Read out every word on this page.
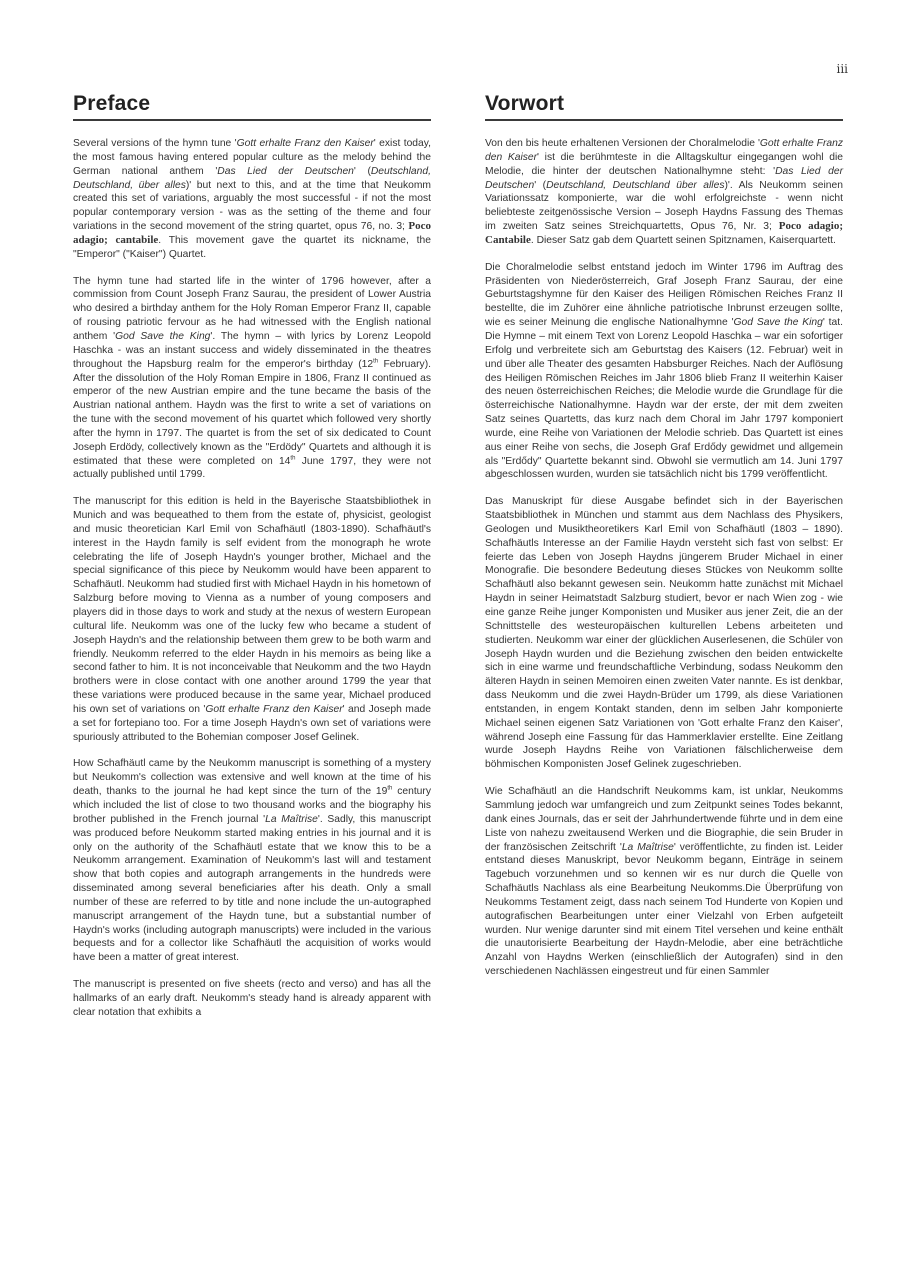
iii
Preface

Several versions of the hymn tune 'Gott erhalte Franz den Kaiser' exist today, the most famous having entered popular culture as the melody behind the German national anthem 'Das Lied der Deutschen' (Deutschland, Deutschland, über alles)' but next to this, and at the time that Neukomm created this set of variations, arguably the most successful - if not the most popular contemporary version - was as the setting of the theme and four variations in the second movement of the string quartet, opus 76, no. 3; Poco adagio; cantabile. This movement gave the quartet its nickname, the "Emperor" ("Kaiser") Quartet.

The hymn tune had started life in the winter of 1796 however, after a commission from Count Joseph Franz Saurau, the president of Lower Austria who desired a birthday anthem for the Holy Roman Emperor Franz II, capable of rousing patriotic fervour as he had witnessed with the English national anthem 'God Save the King'. The hymn – with lyrics by Lorenz Leopold Haschka - was an instant success and widely disseminated in the theatres throughout the Hapsburg realm for the emperor's birthday (12th February). After the dissolution of the Holy Roman Empire in 1806, Franz II continued as emperor of the new Austrian empire and the tune became the basis of the Austrian national anthem. Haydn was the first to write a set of variations on the tune with the second movement of his quartet which followed very shortly after the hymn in 1797. The quartet is from the set of six dedicated to Count Joseph Erdödy, collectively known as the "Erdödy" Quartets and although it is estimated that these were completed on 14th June 1797, they were not actually published until 1799.

The manuscript for this edition is held in the Bayerische Staatsbibliothek in Munich and was bequeathed to them from the estate of, physicist, geologist and music theoretician Karl Emil von Schafhäutl (1803-1890). Schafhäutl's interest in the Haydn family is self evident from the monograph he wrote celebrating the life of Joseph Haydn's younger brother, Michael and the special significance of this piece by Neukomm would have been apparent to Schafhäutl. Neukomm had studied first with Michael Haydn in his hometown of Salzburg before moving to Vienna as a number of young composers and players did in those days to work and study at the nexus of western European cultural life. Neukomm was one of the lucky few who became a student of Joseph Haydn's and the relationship between them grew to be both warm and friendly. Neukomm referred to the elder Haydn in his memoirs as being like a second father to him. It is not inconceivable that Neukomm and the two Haydn brothers were in close contact with one another around 1799 the year that these variations were produced because in the same year, Michael produced his own set of variations on 'Gott erhalte Franz den Kaiser' and Joseph made a set for fortepiano too. For a time Joseph Haydn's own set of variations were spuriously attributed to the Bohemian composer Josef Gelinek.

How Schafhäutl came by the Neukomm manuscript is something of a mystery but Neukomm's collection was extensive and well known at the time of his death, thanks to the journal he had kept since the turn of the 19th century which included the list of close to two thousand works and the biography his brother published in the French journal 'La Maîtrise'. Sadly, this manuscript was produced before Neukomm started making entries in his journal and it is only on the authority of the Schafhäutl estate that we know this to be a Neukomm arrangement. Examination of Neukomm's last will and testament show that both copies and autograph arrangements in the hundreds were disseminated among several beneficiaries after his death. Only a small number of these are referred to by title and none include the un-autographed manuscript arrangement of the Haydn tune, but a substantial number of Haydn's works (including autograph manuscripts) were included in the various bequests and for a collector like Schafhäutl the acquisition of works would have been a matter of great interest.

The manuscript is presented on five sheets (recto and verso) and has all the hallmarks of an early draft. Neukomm's steady hand is already apparent with clear notation that exhibits a

Vorwort

Von den bis heute erhaltenen Versionen der Choralmelodie 'Gott erhalte Franz den Kaiser' ist die berühmteste in die Alltagskultur eingegangen wohl die Melodie, die hinter der deutschen Nationalhymne steht: 'Das Lied der Deutschen' (Deutschland, Deutschland über alles)'. Als Neukomm seinen Variationssatz komponierte, war die wohl erfolgreichste - wenn nicht beliebteste zeitgenössische Version – Joseph Haydns Fassung des Themas im zweiten Satz seines Streichquartetts, Opus 76, Nr. 3; Poco adagio; Cantabile. Dieser Satz gab dem Quartett seinen Spitznamen, Kaiserquartett.

Die Choralmelodie selbst entstand jedoch im Winter 1796 im Auftrag des Präsidenten von Niederösterreich, Graf Joseph Franz Saurau, der eine Geburtstagshymne für den Kaiser des Heiligen Römischen Reiches Franz II bestellte, die im Zuhörer eine ähnliche patriotische Inbrunst erzeugen sollte, wie es seiner Meinung die englische Nationalhymne 'God Save the King' tat. Die Hymne – mit einem Text von Lorenz Leopold Haschka – war ein sofortiger Erfolg und verbreitete sich am Geburtstag des Kaisers (12. Februar) weit in und über alle Theater des gesamten Habsburger Reiches. Nach der Auflösung des Heiligen Römischen Reiches im Jahr 1806 blieb Franz II weiterhin Kaiser des neuen österreichischen Reiches; die Melodie wurde die Grundlage für die österreichische Nationalhymne. Haydn war der erste, der mit dem zweiten Satz seines Quartetts, das kurz nach dem Choral im Jahr 1797 komponiert wurde, eine Reihe von Variationen der Melodie schrieb. Das Quartett ist eines aus einer Reihe von sechs, die Joseph Graf Erdődy gewidmet und allgemein als "Erdődy" Quartette bekannt sind. Obwohl sie vermutlich am 14. Juni 1797 abgeschlossen wurden, wurden sie tatsächlich nicht bis 1799 veröffentlicht.

Das Manuskript für diese Ausgabe befindet sich in der Bayerischen Staatsbibliothek in München und stammt aus dem Nachlass des Physikers, Geologen und Musiktheoretikers Karl Emil von Schafhäutl (1803 – 1890). Schafhäutls Interesse an der Familie Haydn versteht sich fast von selbst: Er feierte das Leben von Joseph Haydns jüngerem Bruder Michael in einer Monografie. Die besondere Bedeutung dieses Stückes von Neukomm sollte Schafhäutl also bekannt gewesen sein. Neukomm hatte zunächst mit Michael Haydn in seiner Heimatstadt Salzburg studiert, bevor er nach Wien zog - wie eine ganze Reihe junger Komponisten und Musiker aus jener Zeit, die an der Schnittstelle des westeuropäischen kulturellen Lebens arbeiteten und studierten. Neukomm war einer der glücklichen Auserlesenen, die Schüler von Joseph Haydn wurden und die Beziehung zwischen den beiden entwickelte sich in eine warme und freundschaftliche Verbindung, sodass Neukomm den älteren Haydn in seinen Memoiren einen zweiten Vater nannte. Es ist denkbar, dass Neukomm und die zwei Haydn-Brüder um 1799, als diese Variationen entstanden, in engem Kontakt standen, denn im selben Jahr komponierte Michael seinen eigenen Satz Variationen von 'Gott erhalte Franz den Kaiser', während Joseph eine Fassung für das Hammerklavier erstellte. Eine Zeitlang wurde Joseph Haydns Reihe von Variationen fälschlicherweise dem böhmischen Komponisten Josef Gelinek zugeschrieben.

Wie Schafhäutl an die Handschrift Neukomms kam, ist unklar, Neukomms Sammlung jedoch war umfangreich und zum Zeitpunkt seines Todes bekannt, dank eines Journals, das er seit der Jahrhundertwende führte und in dem eine Liste von nahezu zweitausend Werken und die Biographie, die sein Bruder in der französischen Zeitschrift 'La Maîtrise' veröffentlichte, zu finden ist. Leider entstand dieses Manuskript, bevor Neukomm begann, Einträge in seinem Tagebuch vorzunehmen und so kennen wir es nur durch die Quelle von Schafhäutls Nachlass als eine Bearbeitung Neukomms.Die Überprüfung von Neukomms Testament zeigt, dass nach seinem Tod Hunderte von Kopien und autografischen Bearbeitungen unter einer Vielzahl von Erben aufgeteilt wurden. Nur wenige darunter sind mit einem Titel versehen und keine enthält die unautorisierte Bearbeitung der Haydn-Melodie, aber eine beträchtliche Anzahl von Haydns Werken (einschließlich der Autografen) sind in den verschiedenen Nachlässen eingestreut und für einen Sammler
